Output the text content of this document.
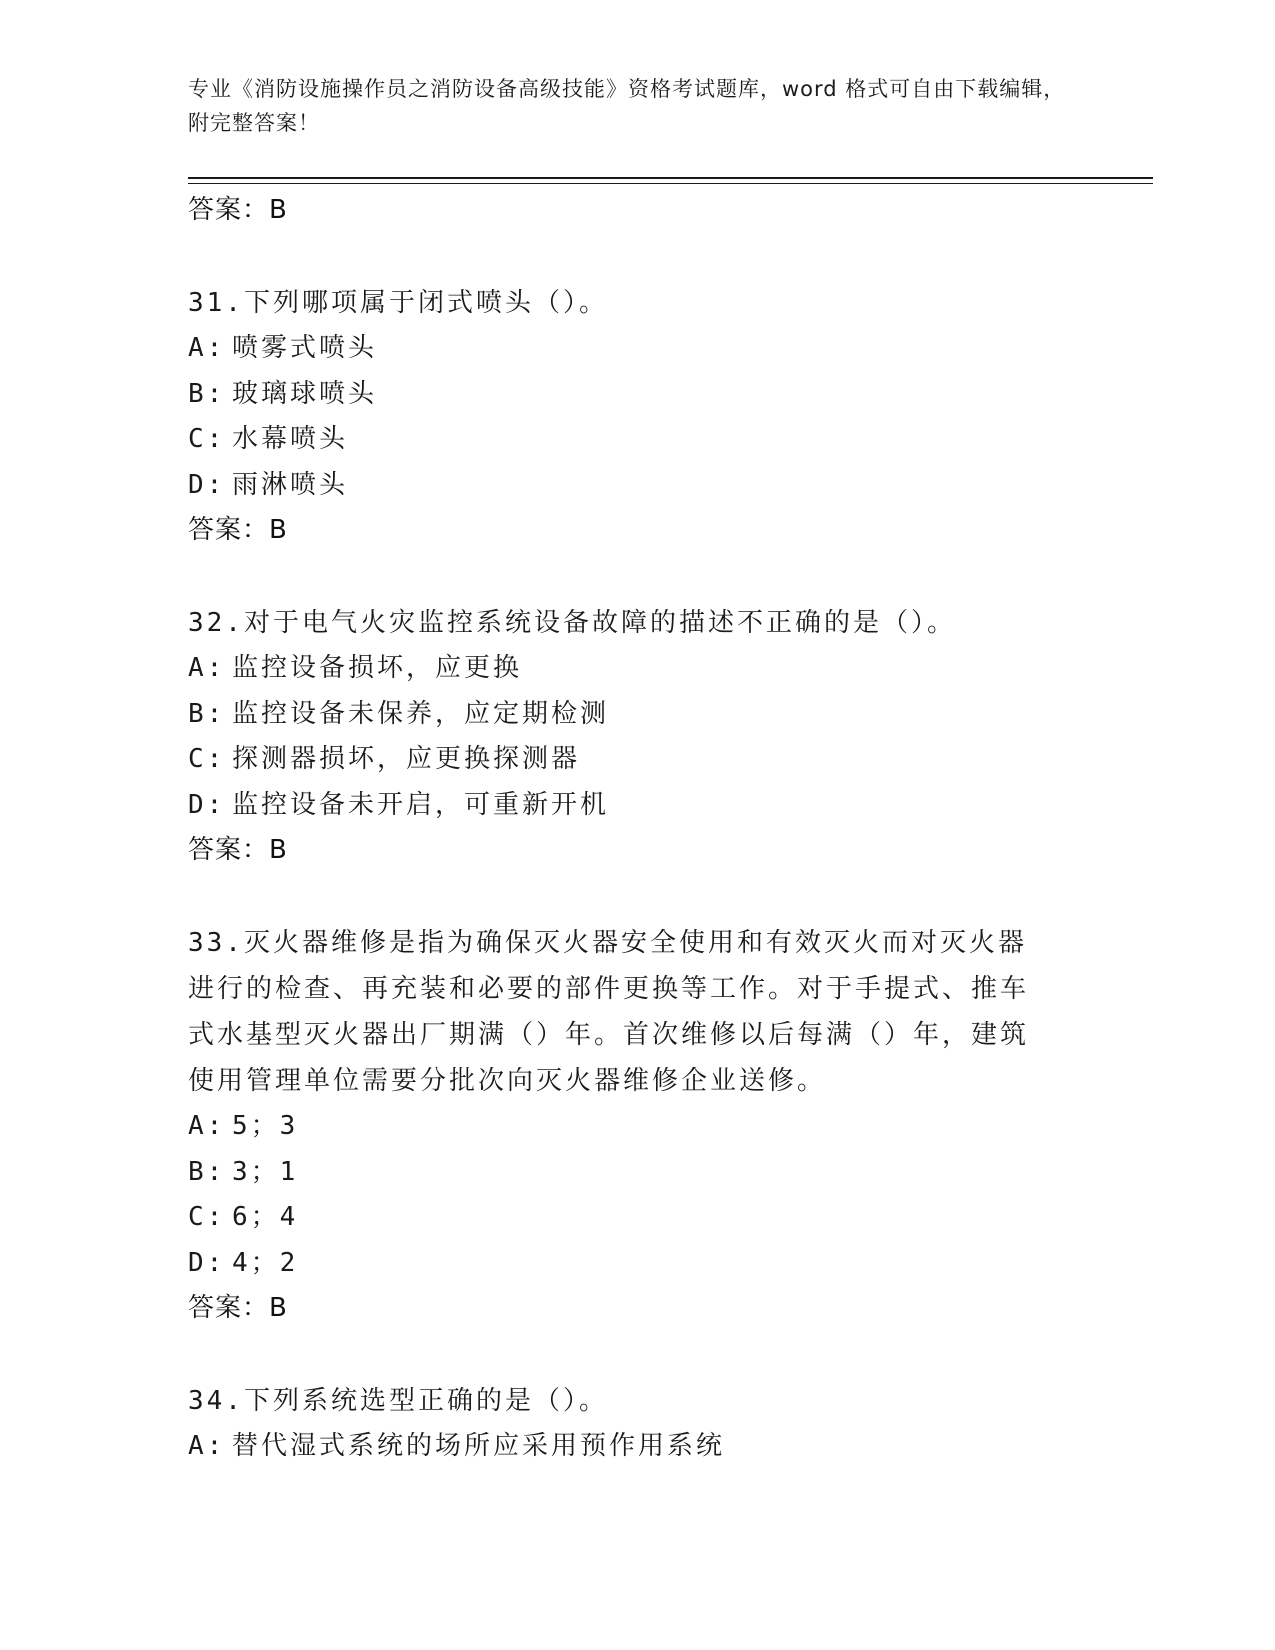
专业《消防设施操作员之消防设备高级技能》资格考试题库，word 格式可自由下载编辑，附完整答案！
答案：B

31.下列哪项属于闭式喷头（）。

A: 喷雾式喷头
B: 玻璃球喷头
C: 水幕喷头
D: 雨淋喷头
答案：B

32.对于电气火灾监控系统设备故障的描述不正确的是（）。

A: 监控设备损坏，应更换
B: 监控设备未保养，应定期检测
C: 探测器损坏，应更换探测器
D: 监控设备未开启，可重新开机
答案：B

33.灭火器维修是指为确保灭火器安全使用和有效灭火而对灭火器进行的检查、再充装和必要的部件更换等工作。对于手提式、推车式水基型灭火器出厂期满（）年。首次维修以后每满（）年，建筑使用管理单位需要分批次向灭火器维修企业送修。

A: 5；3
B: 3；1
C: 6；4
D: 4；2
答案：B

34.下列系统选型正确的是（）。

A: 替代湿式系统的场所应采用预作用系统
